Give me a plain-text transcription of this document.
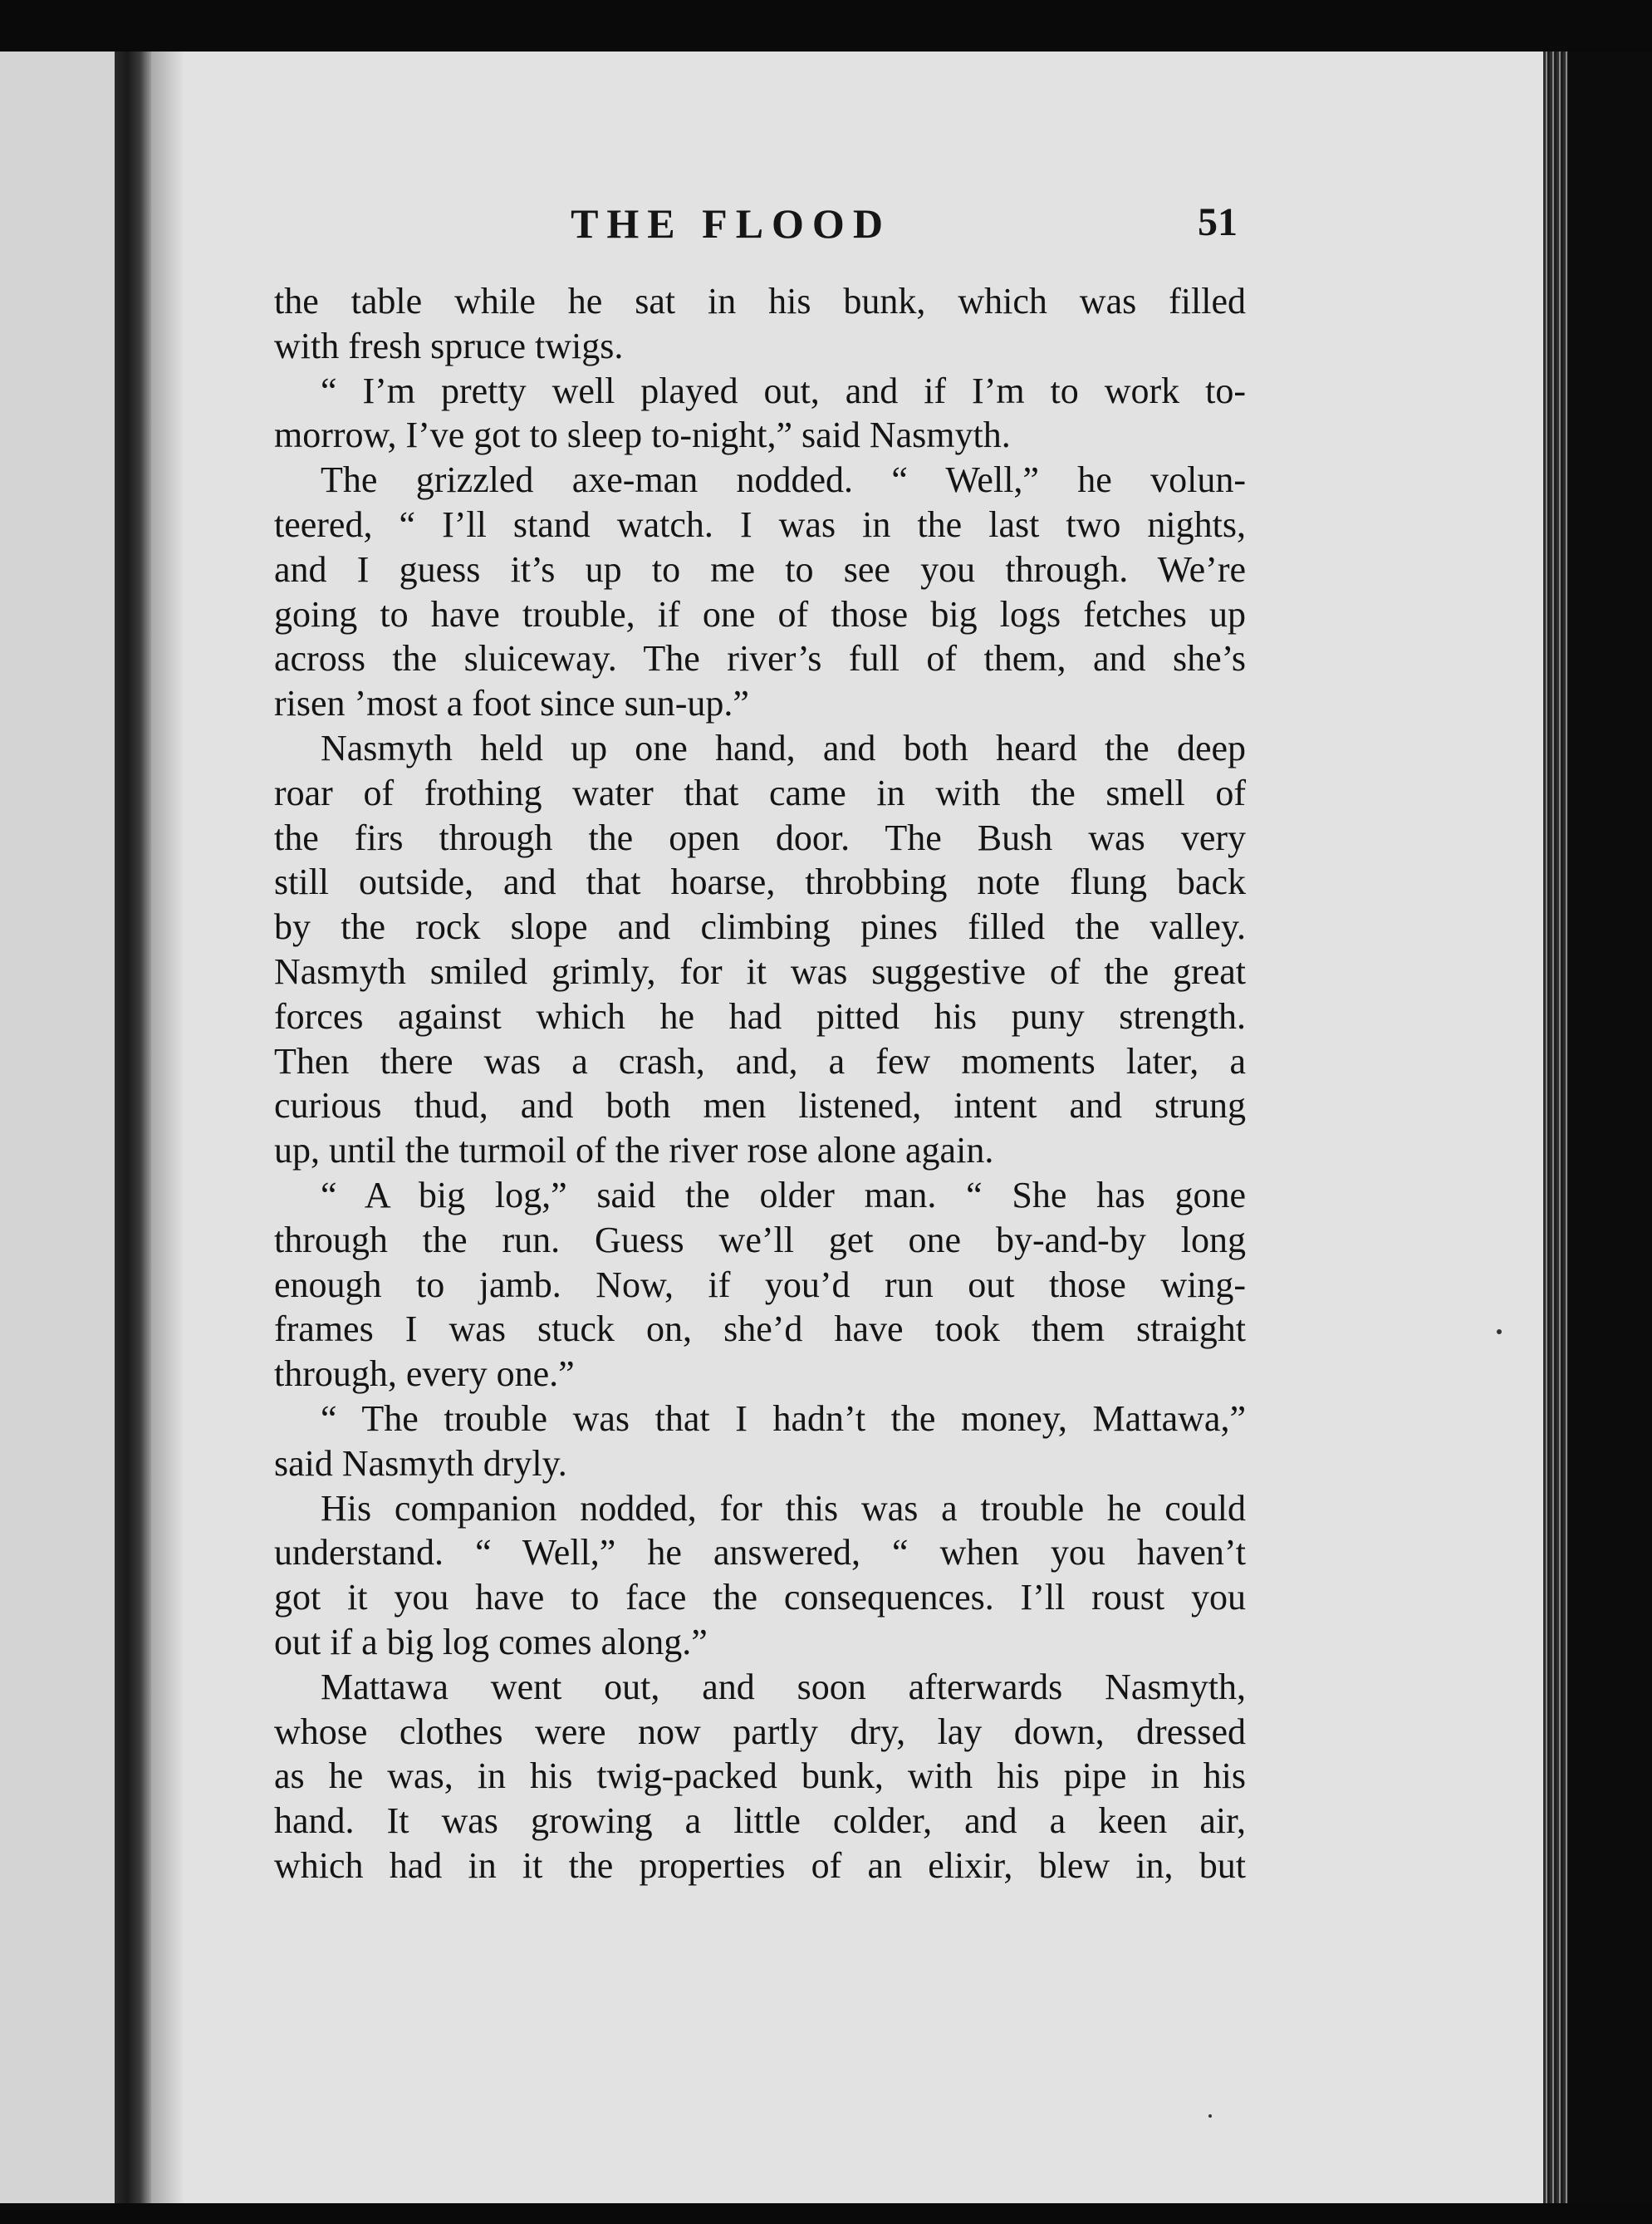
THE FLOOD	51
the table while he sat in his bunk, which was filled
with fresh spruce twigs.
“ I’m pretty well played out, and if I’m to work to-
morrow, I’ve got to sleep to-night,” said Nasmyth.
The grizzled axe-man nodded. “ Well,” he volun-
teered, “ I’ll stand watch. I was in the last two nights,
and I guess it’s up to me to see you through. We’re
going to have trouble, if one of those big logs fetches up
across the sluiceway. The river’s full of them, and she’s
risen ’most a foot since sun-up.”
Nasmyth held up one hand, and both heard the deep
roar of frothing water that came in with the smell of
the firs through the open door. The Bush was very
still outside, and that hoarse, throbbing note flung back
by the rock slope and climbing pines filled the valley.
Nasmyth smiled grimly, for it was suggestive of the great
forces against which he had pitted his puny strength.
Then there was a crash, and, a few moments later, a
curious thud, and both men listened, intent and strung
up, until the turmoil of the river rose alone again.
“ A big log,” said the older man. “ She has gone
through the run. Guess we’ll get one by-and-by long
enough to jamb. Now, if you’d run out those wing-
frames I was stuck on, she’d have took them straight
through, every one.”
“ The trouble was that I hadn’t the money, Mattawa,”
said Nasmyth dryly.
His companion nodded, for this was a trouble he could
understand. “ Well,” he answered, “ when you haven’t
got it you have to face the consequences. I’ll roust you
out if a big log comes along.”
Mattawa went out, and soon afterwards Nasmyth,
whose clothes were now partly dry, lay down, dressed
as he was, in his twig-packed bunk, with his pipe in his
hand. It was growing a little colder, and a keen air,
which had in it the properties of an elixir, blew in, but
